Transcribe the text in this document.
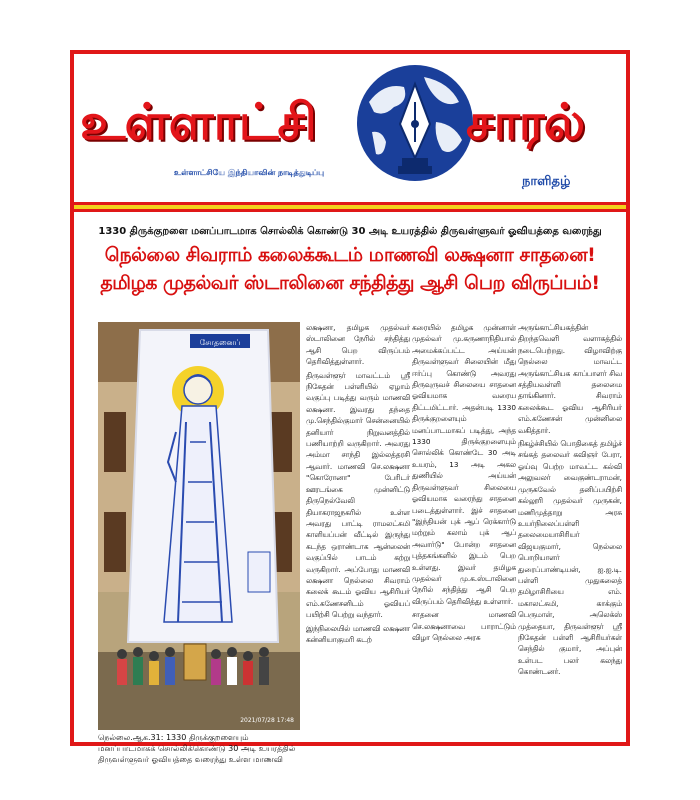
உள்ளாட்சி	சாரல்
உள்ளாட்சியே இந்தியாவின் நாடித்துடிப்பு
நாளிதழ்
1330 திருக்குறளை மனப்பாடமாக சொல்லிக் கொண்டு 30 அடி உயரத்தில் திருவள்ளுவர் ஓவியத்தை வரைந்து
நெல்லை சிவராம் கலைக்கூடம் மாணவி லக்ஷனா சாதனை!
தமிழக முதல்வர் ஸ்டாலினை சந்தித்து ஆசி பெற விருப்பம்!
சோதனைப்
2021/07/28 17:48
நெல்லை.ஆக.31: 1330 திருக்குறளையும் மனப்பாடமாகக் சொல்லிக்கொண்டு 30 அடி உயரத்தில் திருவள்ளுவர் ஓவியத்தை வரைந்து உள்ள மாணவி

லக்ஷனா, தமிழக முதல்வர் ஸ்டாலினை நேரில் சந்தித்து ஆசி பெற விருப்பம் தெரிவித்துள்ளார்.

திருவள்ளூர் மாவட்டம் ஸ்ரீ நிகேதன் பள்ளியில் ஏழாம் வகுப்பு படித்து வரும் மாணவி லக்ஷனா. இவரது தந்தை மு.செந்தில்குமார் சென்னையில் தனியார் நிறுவனத்தில் பணியாற்றி வருகிறார். அவரது அம்மா சாந்தி இல்லத்தரசி ஆவார். மாணவி செ.லக்ஷனா "கொரோனா" பேரிடர் ஊரடங்கை முன்னிட்டு திருநெல்வேலி தியாகராஜநகரில் உள்ள அவரது பாட்டி ராமலட்சுமி காளியப்பன் வீட்டில் இருந்து கடந்த ஒராண்டாக ஆன்லைன் வகுப்பில் பாடம் கற்று வருகிறார். அப்போது மாணவி லக்ஷனா நெல்லை சிவராம் கலைக் கூடம் ஓவிய ஆசிரியர் எம்.கணேசனிடம் ஓவியப் பயிற்சி பெற்று வந்தார்.

இந்நிலையில் மாணவி லக்ஷனா கன்னியாகுமரி கடற்

கரையில் தமிழக முன்னாள் முதல்வர் மு.கருணாநிதியால் அமைக்கப்பட்ட அய்யன் திருவள்ளுவர் சிலையின் மீது ஈர்ப்பு கொண்டு அவரது திருவுருவச் சிலையை சாதனை ஓவியமாக வரைய திட்டமிட்டார். அதன்படி 1330 திருக்குறளையும் மனப்பாடமாகப் படித்து, அந்த 1330 திருக்குறளையும் சொல்லிக் கொண்டே 30 அடி உயரம், 13 அடி அகல துணியில் அய்யன் திருவள்ளுவர் சிலையை ஓவியமாக வரைந்து சாதனை படைத்துள்ளார். இச் சாதனை "இந்தியன் புக் ஆப் ரெக்கார்டு மற்றும் கலாம் புக் ஆப் அவார்டு" போன்ற சாதனை புத்தகங்களில் இடம் பெற உள்ளது. இவர் தமிழக முதல்வர் மு.க.ஸ்டாலினை நேரில் சந்தித்து ஆசி பெற விருப்பம் தெரிவித்து உள்ளார்.

சாதனை மாணவி செ.லக்ஷனாவை பாராட்டும் விழா நெல்லை அரசு

அருங்காட்சியகத்தின் திறந்தவெளி வளாகத்தில் நடைபெற்றது. விழாவிற்கு நெல்லை மாவட்ட அருங்காட்சியக காப்பாளர் சிவ சத்தியவள்ளி தலைமை தாங்கினார். சிவராம் கலைக்கூட ஓவிய ஆசிரியர் எம்.கணேசன் முன்னிலை வகித்தார்.

நிகழ்ச்சியில் பொதிகைத் தமிழ்ச் சங்கத் தலைவர் கவிஞர் பேரா, ஓய்வு பெற்ற மாவட்ட கல்வி அலுவலர் வைகுண்டராமன், முருகவேல் தனிப்பயிற்சி கல்லூரி முதல்வர் முருகன், மணிமுத்தாறு அரசு உயர்நிலைப்பள்ளி தலைமையாசிரியர் விஜயகுமார், நெல்லை பொறியாளர் துரைப்பாண்டியன், ஐ.ஐ.டி. பள்ளி முதுகலைத் தமிழாசிரியை எம். மகாலட்சுமி, காக்கும் பெருமாள், அலெக்ஸ் முத்தையா, திருவள்ளூர் ஸ்ரீ நிகேதன் பள்ளி ஆசிரியர்கள் செந்தில் குமார், அப்புன் உள்பட பலர் கலந்து கொண்டனர்.
